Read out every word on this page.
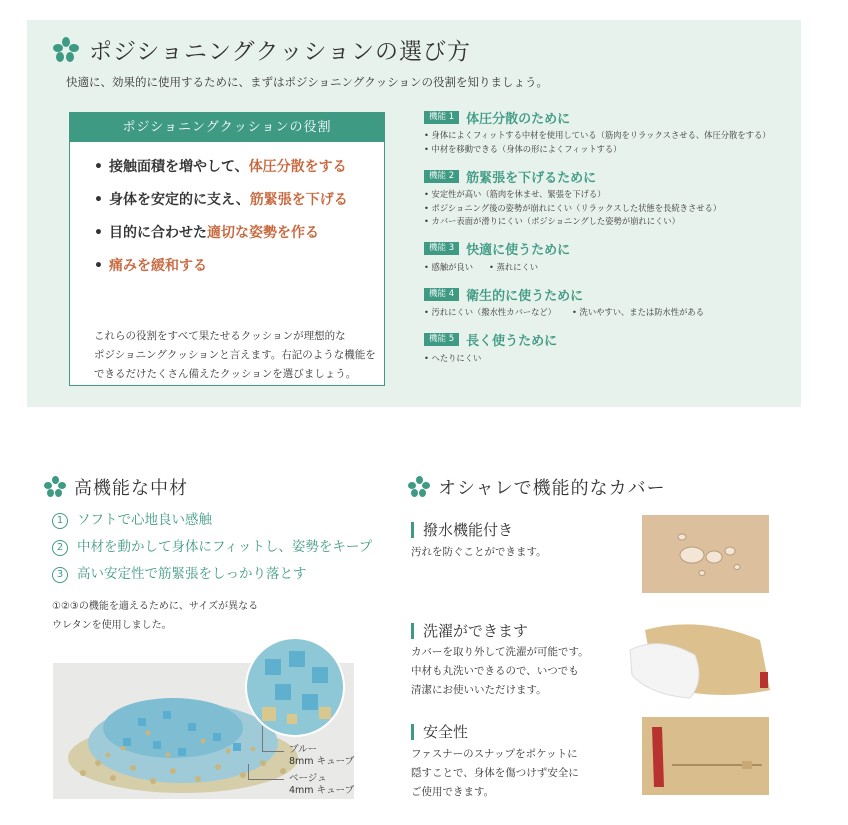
ポジショニングクッションの選び方
快適に、効果的に使用するために、まずはポジショニングクッションの役割を知りましょう。
ポジショニングクッションの役割
• 接触面積を増やして、体圧分散をする
• 身体を安定的に支え、筋緊張を下げる
• 目的に合わせた適切な姿勢を作る
• 痛みを緩和する
これらの役割をすべて果たせるクッションが理想的な
ポジショニングクッションと言えます。右記のような機能を
できるだけたくさん備えたクッションを選びましょう。
機能 1 体圧分散のために
• 身体によくフィットする中材を使用している（筋肉をリラックスさせる、体圧分散をする）
• 中材を移動できる（身体の形によくフィットする）
機能 2 筋緊張を下げるために
• 安定性が高い（筋肉を休ませ、緊張を下げる）
• ポジショニング後の姿勢が崩れにくい（リラックスした状態を長続きさせる）
• カバー表面が滑りにくい（ポジショニングした姿勢が崩れにくい）
機能 3 快適に使うために
• 感触が良い • 蒸れにくい
機能 4 衛生的に使うために
• 汚れにくい（撥水性カバーなど） • 洗いやすい、または防水性がある
機能 5 長く使うために
• へたりにくい
高機能な中材
1 ソフトで心地良い感触
2 中材を動かして身体にフィットし、姿勢をキープ
3 高い安定性で筋緊張をしっかり落とす
①②③の機能を適えるために、サイズが異なる
ウレタンを使用しました。
ブルー
8mm キューブ
ベージュ
4mm キューブ
オシャレで機能的なカバー
撥水機能付き
汚れを防ぐことができます。
洗濯ができます
カバーを取り外して洗濯が可能です。
中材も丸洗いできるので、いつでも
清潔にお使いいただけます。
安全性
ファスナーのスナップをポケットに
隠すことで、身体を傷つけず安全に
ご使用できます。
